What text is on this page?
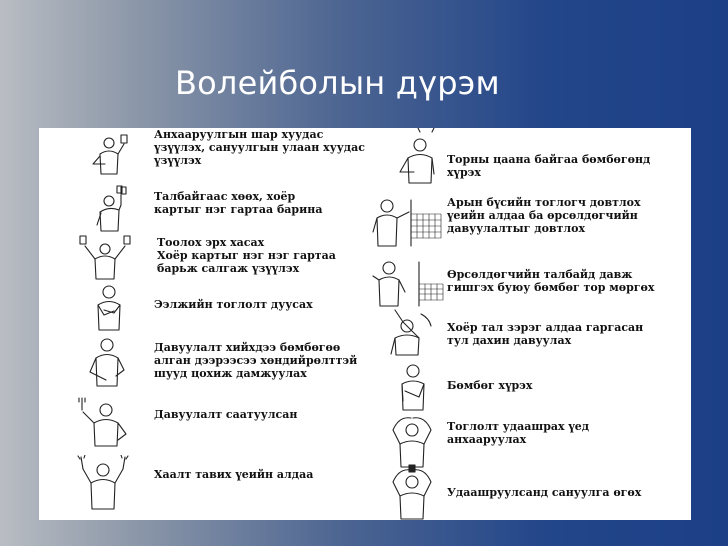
Волейболын дүрэм
Анхааруулгын шар хуудас
үзүүлэх, сануулгын улаан хуудас
үзүүлэх
Талбайгаас хөөх, хоёр
картыг нэг гартаа барина
Тоолох эрх хасах
Хоёр картыг нэг нэг гартаа
барьж салгаж үзүүлэх
Ээлжийн тоглолт дуусах
Давуулалт хийхдээ бөмбөгөө
алган дээрээсээ хөндийрөлттэй
шууд цохиж дамжуулах
Давуулалт саатуулсан
Хаалт тавих үеийн алдаа
Торны цаана байгаа бөмбөгөнд
хүрэх
Арын бүсийн тоглогч довтлох
үеийн алдаа ба өрсөлдөгчийн
давуулалтыг довтлох
Өрсөлдөгчийн талбайд давж
гишгэх буюу бөмбөг тор мөргөх
Хоёр тал зэрэг алдаа гаргасан
тул дахин давуулах
Бөмбөг хүрэх
Тоглолт удаашрах үед
анхааруулах
Удаашруулсанд сануулга өгөх
